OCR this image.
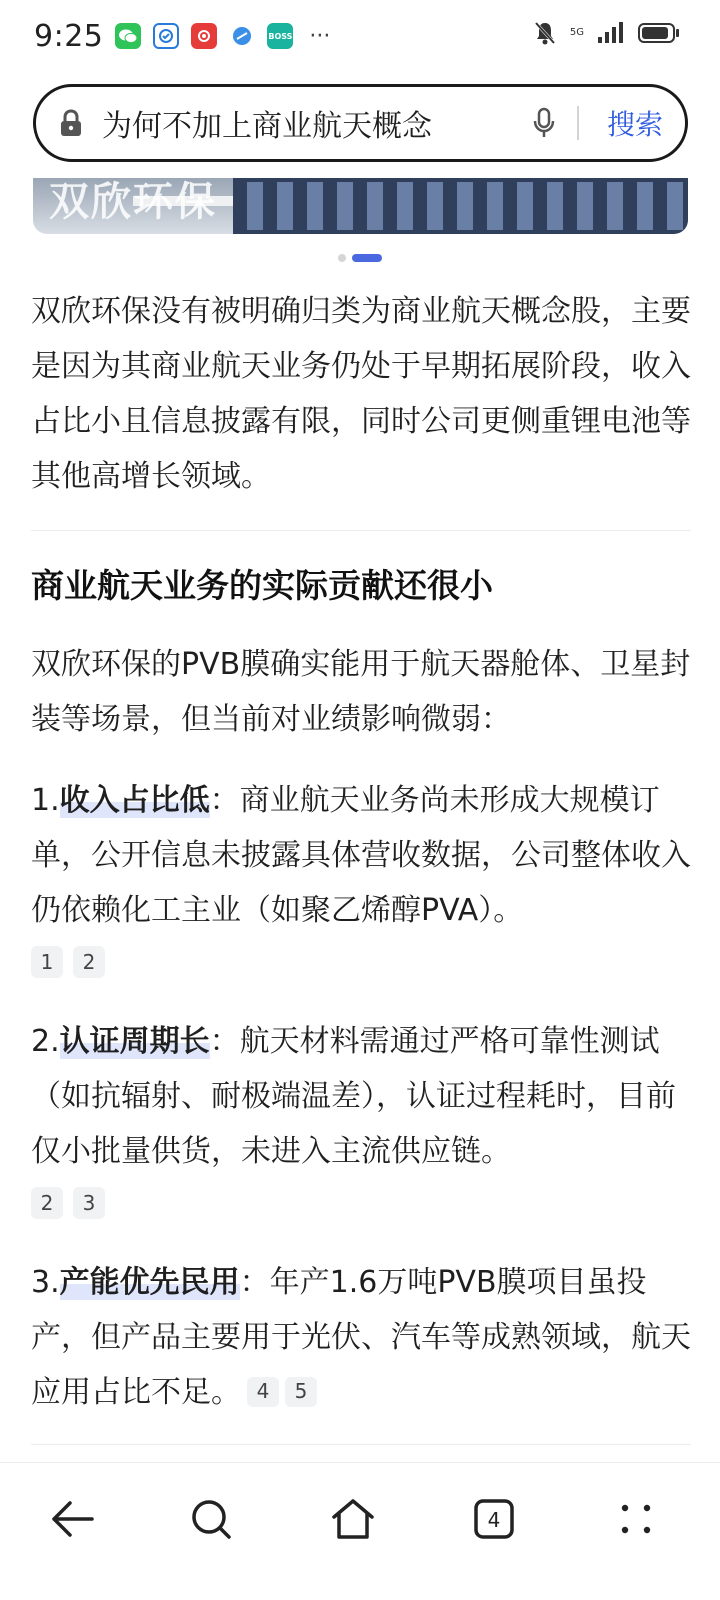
9:25	BOSS ···	5G
为何不加上商业航天概念	搜索
双欣环保

双欣环保没有被明确归类为商业航天概念股，主要是因为其商业航天业务仍处于早期拓展阶段，收入占比小且信息披露有限，同时公司更侧重锂电池等其他高增长领域。

商业航天业务的实际贡献还很小

双欣环保的PVB膜确实能用于航天器舱体、卫星封装等场景，但当前对业绩影响微弱：

1.收入占比低：商业航天业务尚未形成大规模订单，公开信息未披露具体营收数据，公司整体收入仍依赖化工主业（如聚乙烯醇PVA）。
1	2
2.认证周期长：航天材料需通过严格可靠性测试（如抗辐射、耐极端温差），认证过程耗时，目前仅小批量供货，未进入主流供应链。
2	3
3.产能优先民用：年产1.6万吨PVB膜项目虽投产，但产品主要用于光伏、汽车等成熟领域，航天应用占比不足。 4 5
4
